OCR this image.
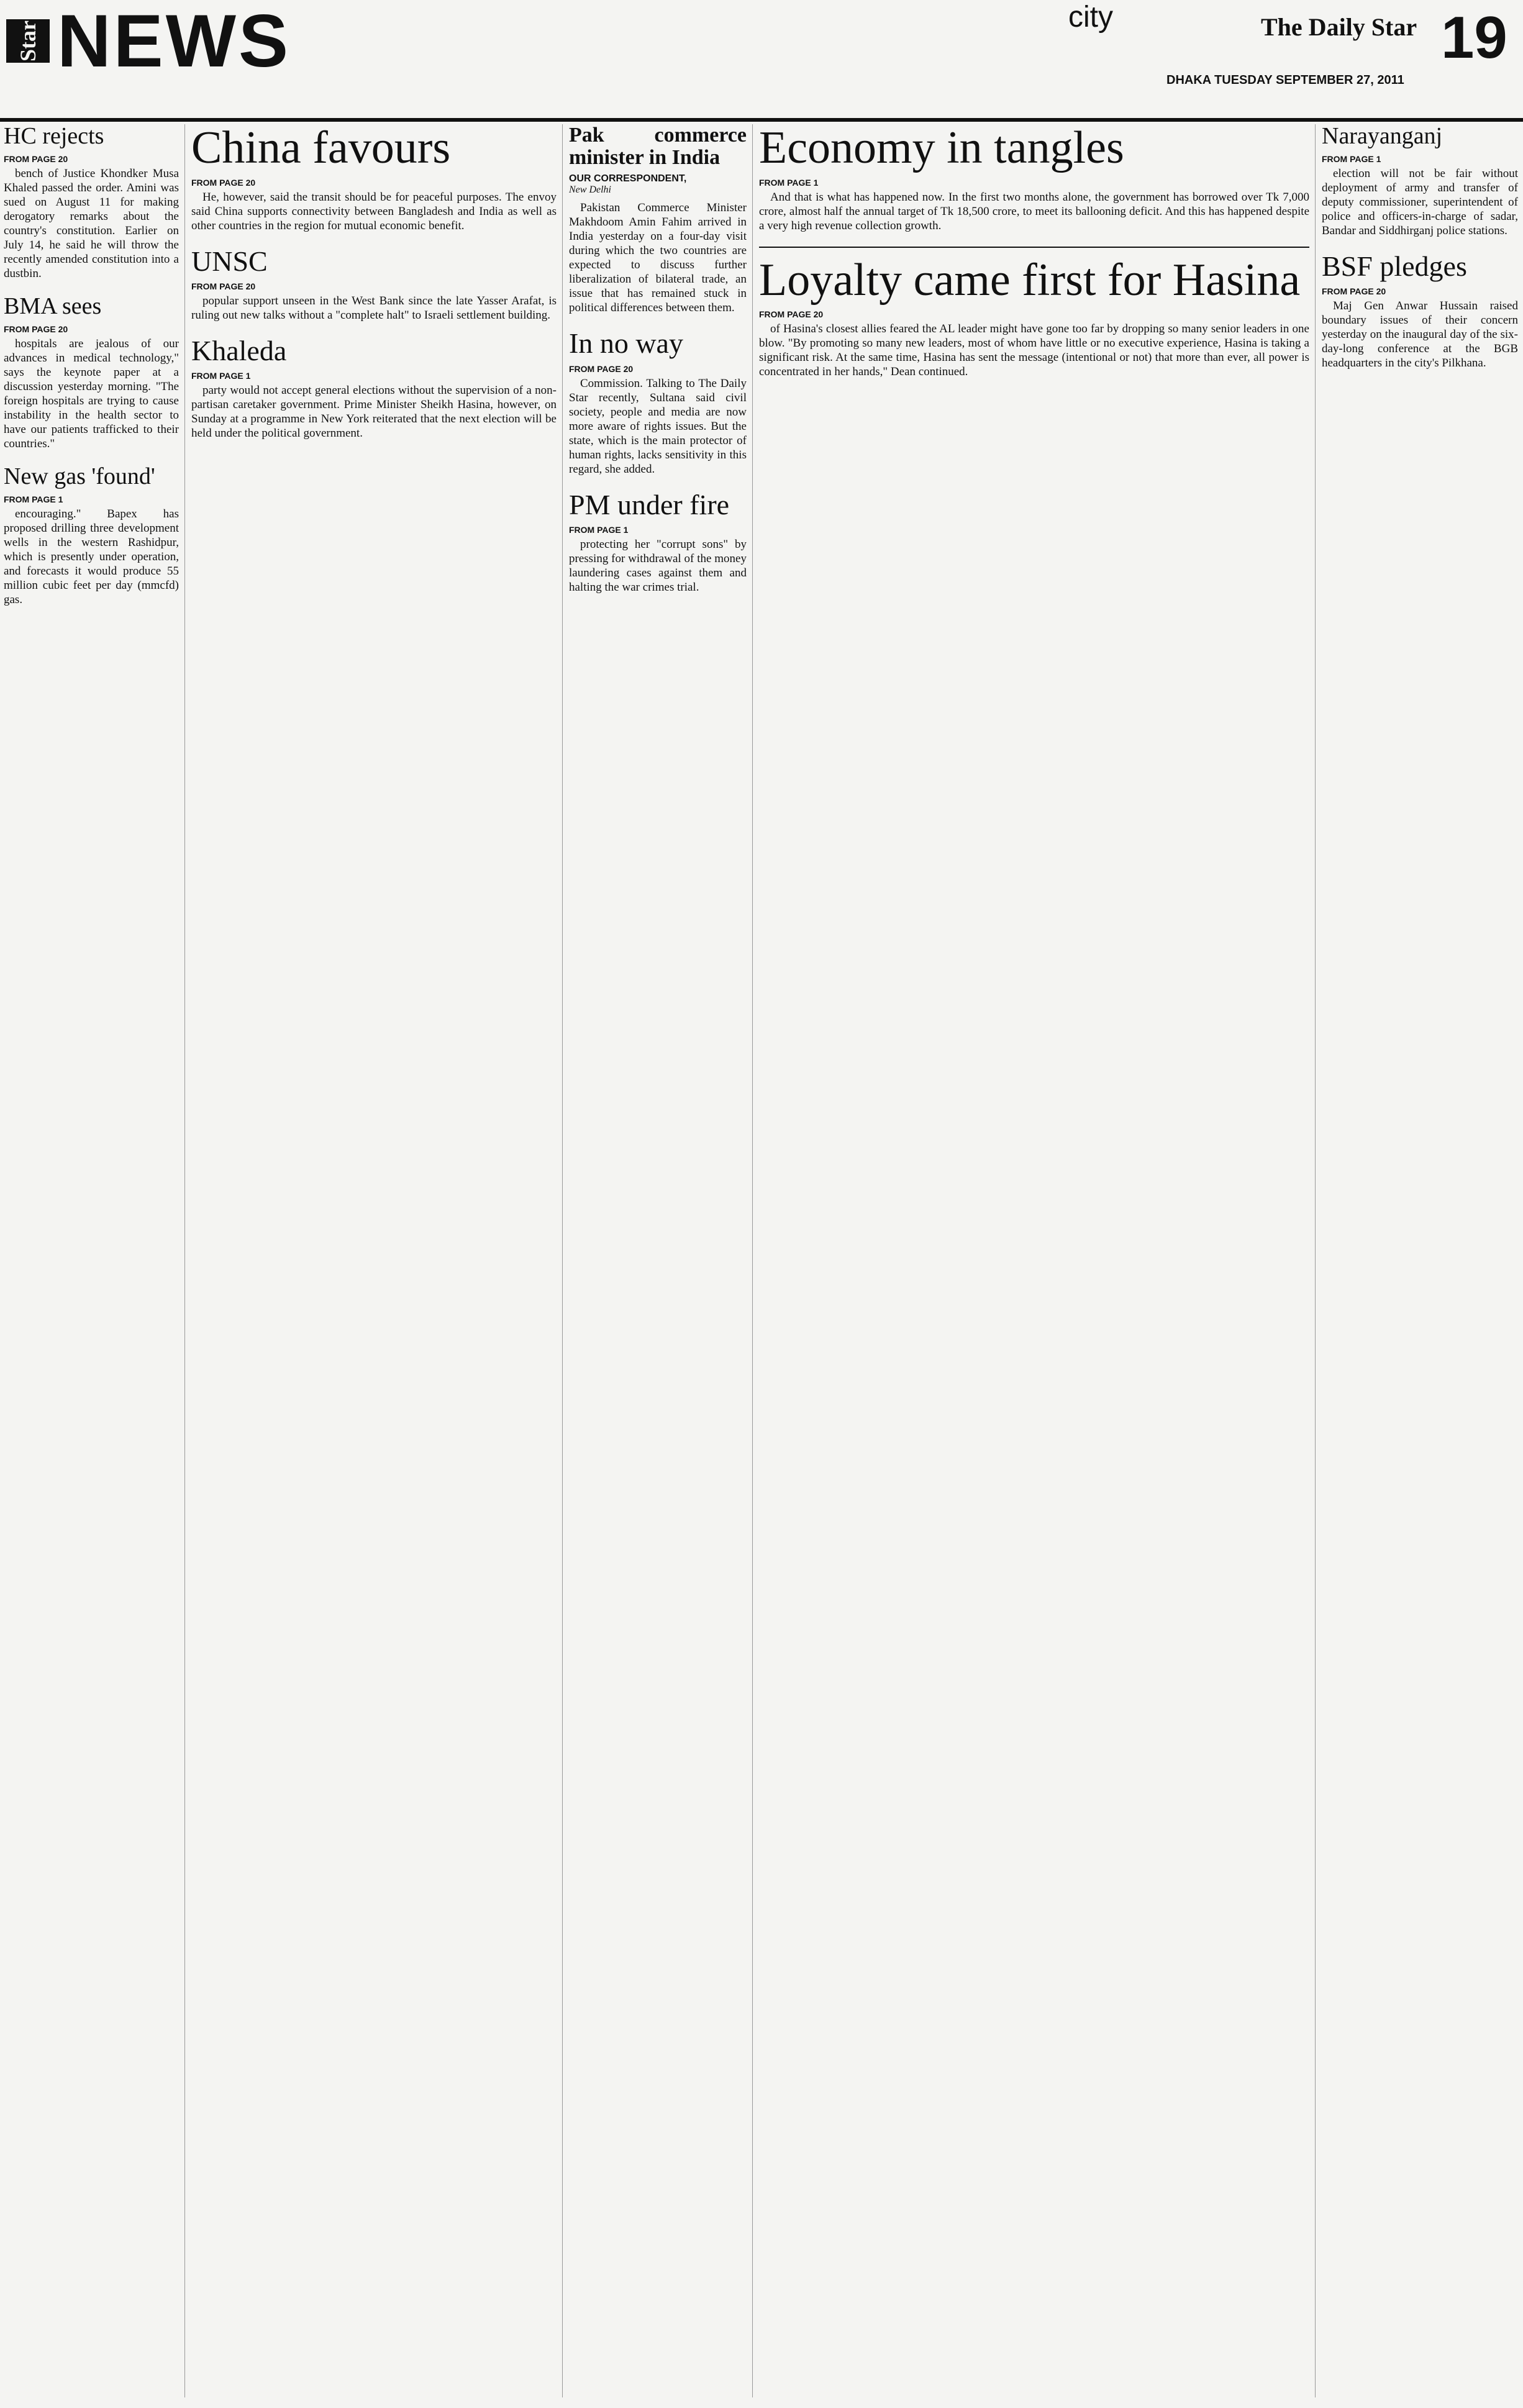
Star NEWS	city	The Daily Star 19
DHAKA TUESDAY SEPTEMBER 27, 2011
HC rejects
FROM PAGE 20

bench of Justice Khondker Musa Khaled passed the order. Amini was sued on August 11 for making derogatory remarks about the country's constitution. Earlier on July 14, he said he will throw the recently amended constitution into a dustbin.

BMA sees
FROM PAGE 20

hospitals are jealous of our advances in medical technology," says the keynote paper at a discussion yesterday morning. "The foreign hospitals are trying to cause instability in the health sector to have our patients trafficked to their countries."

New gas 'found'
FROM PAGE 1

encouraging." Bapex has proposed drilling three development wells in the western Rashidpur, which is presently under operation, and forecasts it would produce 55 million cubic feet per day (mmcfd) gas.

China favours
FROM PAGE 20

He, however, said the transit should be for peaceful purposes. The envoy said China supports connectivity between Bangladesh and India as well as other countries in the region for mutual economic benefit.

UNSC
FROM PAGE 20

popular support unseen in the West Bank since the late Yasser Arafat, is ruling out new talks without a "complete halt" to Israeli settlement building.

Khaleda
FROM PAGE 1

party would not accept general elections without the supervision of a non-partisan caretaker government. Prime Minister Sheikh Hasina, however, on Sunday at a programme in New York reiterated that the next election will be held under the political government.

Pak commerce minister in India
OUR CORRESPONDENT,
New Delhi

Pakistan Commerce Minister Makhdoom Amin Fahim arrived in India yesterday on a four-day visit during which the two countries are expected to discuss further liberalization of bilateral trade, an issue that has remained stuck in political differences between them.

In no way
FROM PAGE 20

Commission. Talking to The Daily Star recently, Sultana said civil society, people and media are now more aware of rights issues. But the state, which is the main protector of human rights, lacks sensitivity in this regard, she added.

PM under fire
FROM PAGE 1

protecting her "corrupt sons" by pressing for withdrawal of the money laundering cases against them and halting the war crimes trial.

Economy in tangles
FROM PAGE 1

And that is what has happened now. In the first two months alone, the government has borrowed over Tk 7,000 crore, almost half the annual target of Tk 18,500 crore, to meet its ballooning deficit. And this has happened despite a very high revenue collection growth.

Loyalty came first for Hasina
FROM PAGE 20

of Hasina's closest allies feared the AL leader might have gone too far by dropping so many senior leaders in one blow. "By promoting so many new leaders, most of whom have little or no executive experience, Hasina is taking a significant risk. At the same time, Hasina has sent the message (intentional or not) that more than ever, all power is concentrated in her hands," Dean continued.

Narayanganj
FROM PAGE 1

election will not be fair without deployment of army and transfer of deputy commissioner, superintendent of police and officers-in-charge of sadar, Bandar and Siddhirganj police stations.

BSF pledges
FROM PAGE 20

Maj Gen Anwar Hussain raised boundary issues of their concern yesterday on the inaugural day of the six-day-long conference at the BGB headquarters in the city's Pilkhana.
